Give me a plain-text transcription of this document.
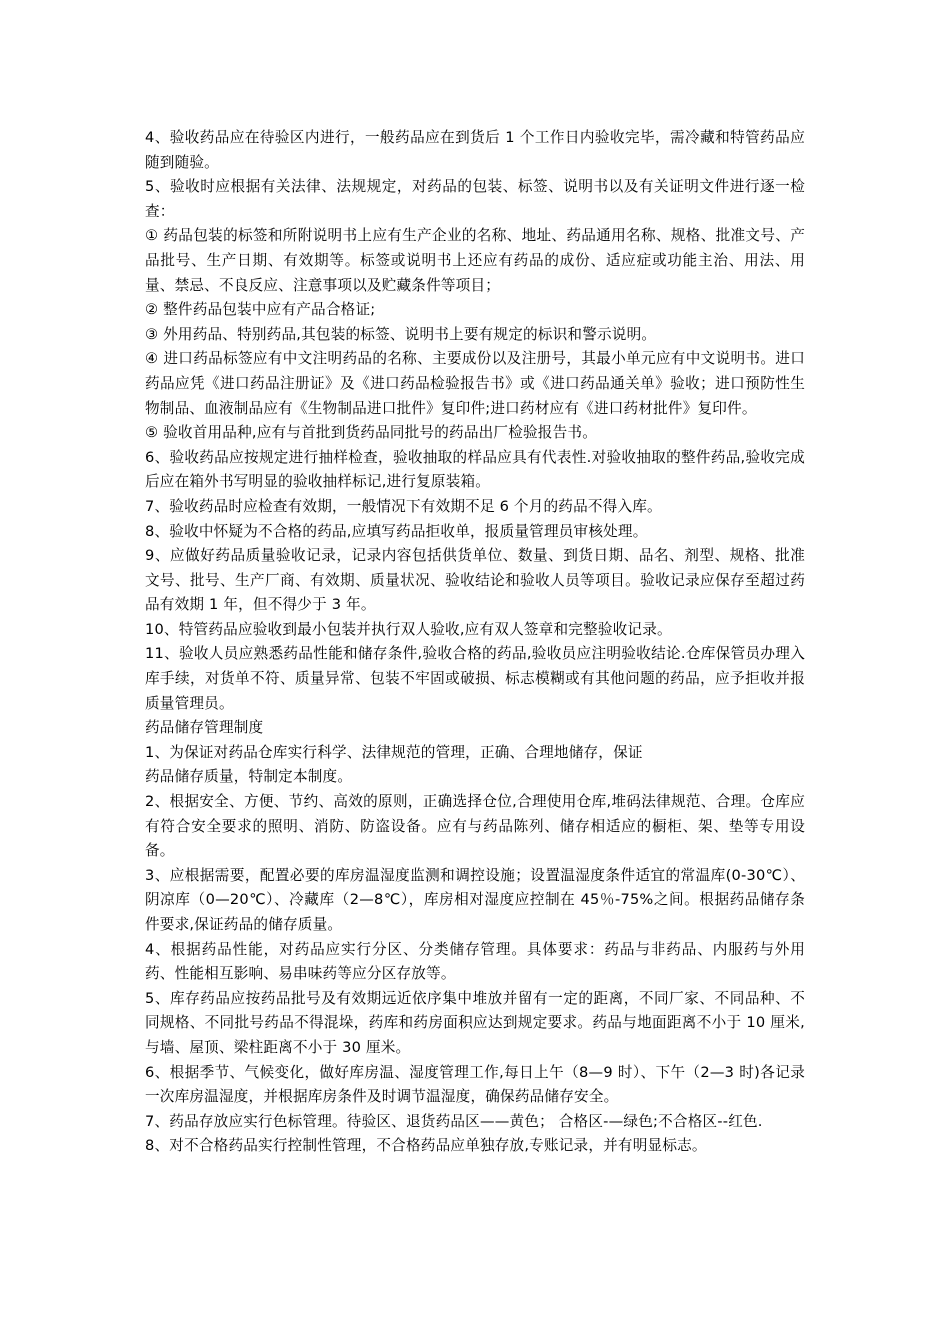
4、验收药品应在待验区内进行，一般药品应在到货后 1 个工作日内验收完毕，需冷藏和特管药品应随到随验。

5、验收时应根据有关法律、法规规定，对药品的包装、标签、说明书以及有关证明文件进行逐一检查：

① 药品包装的标签和所附说明书上应有生产企业的名称、地址、药品通用名称、规格、批准文号、产品批号、生产日期、有效期等。标签或说明书上还应有药品的成份、适应症或功能主治、用法、用量、禁忌、不良反应、注意事项以及贮藏条件等项目；

② 整件药品包装中应有产品合格证;

③ 外用药品、特别药品,其包装的标签、说明书上要有规定的标识和警示说明。

④ 进口药品标签应有中文注明药品的名称、主要成份以及注册号，其最小单元应有中文说明书。进口药品应凭《进口药品注册证》及《进口药品检验报告书》或《进口药品通关单》验收；进口预防性生物制品、血液制品应有《生物制品进口批件》复印件;进口药材应有《进口药材批件》复印件。

⑤ 验收首用品种,应有与首批到货药品同批号的药品出厂检验报告书。

6、验收药品应按规定进行抽样检查，验收抽取的样品应具有代表性.对验收抽取的整件药品,验收完成后应在箱外书写明显的验收抽样标记,进行复原装箱。

7、验收药品时应检查有效期，一般情况下有效期不足 6 个月的药品不得入库。

8、验收中怀疑为不合格的药品,应填写药品拒收单，报质量管理员审核处理。

9、应做好药品质量验收记录，记录内容包括供货单位、数量、到货日期、品名、剂型、规格、批准文号、批号、生产厂商、有效期、质量状况、验收结论和验收人员等项目。验收记录应保存至超过药品有效期 1 年，但不得少于 3 年。

10、特管药品应验收到最小包装并执行双人验收,应有双人签章和完整验收记录。

11、验收人员应熟悉药品性能和储存条件,验收合格的药品,验收员应注明验收结论.仓库保管员办理入库手续，对货单不符、质量异常、包装不牢固或破损、标志模糊或有其他问题的药品，应予拒收并报质量管理员。

药品储存管理制度

1、为保证对药品仓库实行科学、法律规范的管理，正确、合理地储存，保证

药品储存质量，特制定本制度。

2、根据安全、方便、节约、高效的原则，正确选择仓位,合理使用仓库,堆码法律规范、合理。仓库应有符合安全要求的照明、消防、防盗设备。应有与药品陈列、储存相适应的橱柜、架、垫等专用设备。

3、应根据需要，配置必要的库房温湿度监测和调控设施；设置温湿度条件适宜的常温库(0-30℃）、阴凉库（0—20℃）、冷藏库（2—8℃），库房相对湿度应控制在 45％-75%之间。根据药品储存条件要求,保证药品的储存质量。

4、根据药品性能，对药品应实行分区、分类储存管理。具体要求：药品与非药品、内服药与外用药、性能相互影响、易串味药等应分区存放等。

5、库存药品应按药品批号及有效期远近依序集中堆放并留有一定的距离，不同厂家、不同品种、不同规格、不同批号药品不得混垛，药库和药房面积应达到规定要求。药品与地面距离不小于 10 厘米,与墙、屋顶、梁柱距离不小于 30 厘米。

6、根据季节、气候变化，做好库房温、湿度管理工作,每日上午（8—9 时）、下午（2—3 时)各记录一次库房温湿度，并根据库房条件及时调节温湿度，确保药品储存安全。

7、药品存放应实行色标管理。待验区、退货药品区——黄色； 合格区-—绿色;不合格区--红色.

8、对不合格药品实行控制性管理，不合格药品应单独存放,专账记录，并有明显标志。
